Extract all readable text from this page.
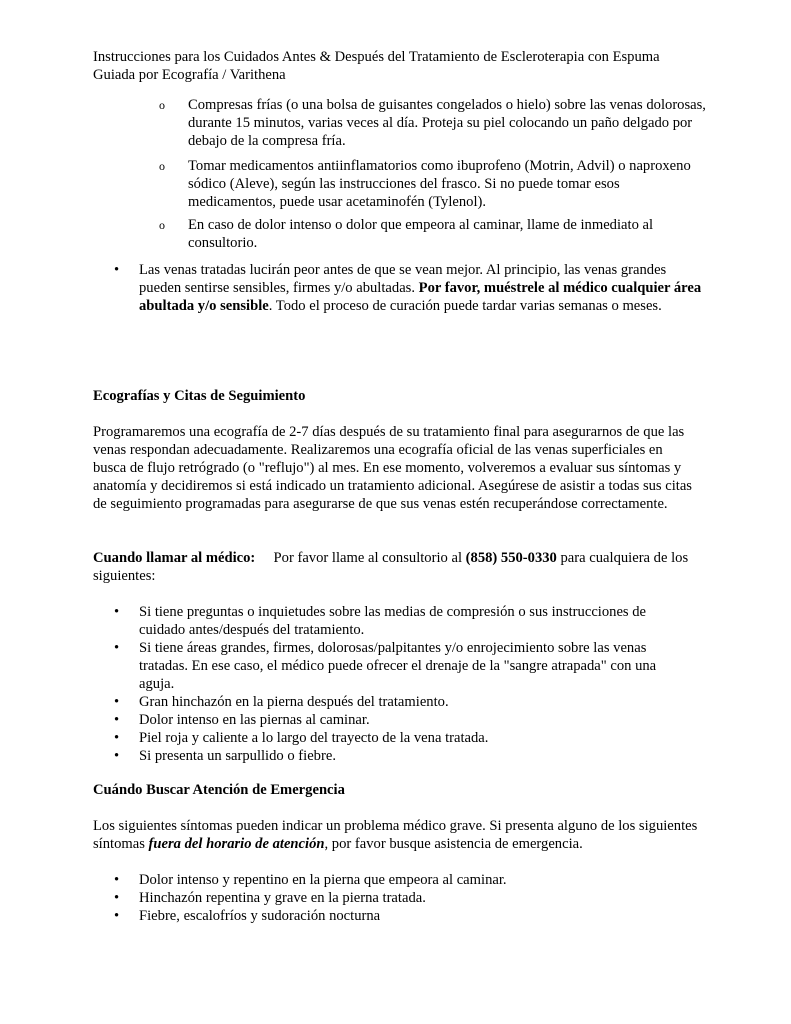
Instrucciones para los Cuidados Antes & Después del Tratamiento de Escleroterapia con Espuma

Guiada por Ecografía / Varithena

o Compresas frías (o una bolsa de guisantes congelados o hielo) sobre las venas dolorosas, durante 15 minutos, varias veces al día. Proteja su piel colocando un paño delgado por debajo de la compresa fría.
o Tomar medicamentos antiinflamatorios como ibuprofeno (Motrin, Advil) o naproxeno sódico (Aleve), según las instrucciones del frasco. Si no puede tomar esos medicamentos, puede usar acetaminofén (Tylenol).
o En caso de dolor intenso o dolor que empeora al caminar, llame de inmediato al consultorio.
• Las venas tratadas lucirán peor antes de que se vean mejor. Al principio, las venas grandes pueden sentirse sensibles, firmes y/o abultadas. Por favor, muéstrele al médico cualquier área abultada y/o sensible. Todo el proceso de curación puede tardar varias semanas o meses.

Ecografías y Citas de Seguimiento

Programaremos una ecografía de 2-7 días después de su tratamiento final para asegurarnos de que las venas respondan adecuadamente. Realizaremos una ecografía oficial de las venas superficiales en busca de flujo retrógrado (o "reflujo") al mes. En ese momento, volveremos a evaluar sus síntomas y anatomía y decidiremos si está indicado un tratamiento adicional. Asegúrese de asistir a todas sus citas de seguimiento programadas para asegurarse de que sus venas estén recuperándose correctamente.

Cuando llamar al médico: Por favor llame al consultorio al (858) 550-0330 para cualquiera de los siguientes:

• Si tiene preguntas o inquietudes sobre las medias de compresión o sus instrucciones de cuidado antes/después del tratamiento.
• Si tiene áreas grandes, firmes, dolorosas/palpitantes y/o enrojecimiento sobre las venas tratadas. En ese caso, el médico puede ofrecer el drenaje de la "sangre atrapada" con una aguja.
• Gran hinchazón en la pierna después del tratamiento.
• Dolor intenso en las piernas al caminar.
• Piel roja y caliente a lo largo del trayecto de la vena tratada.
• Si presenta un sarpullido o fiebre.

Cuándo Buscar Atención de Emergencia

Los siguientes síntomas pueden indicar un problema médico grave. Si presenta alguno de los siguientes síntomas fuera del horario de atención, por favor busque asistencia de emergencia.

• Dolor intenso y repentino en la pierna que empeora al caminar.
• Hinchazón repentina y grave en la pierna tratada.
• Fiebre, escalofríos y sudoración nocturna
